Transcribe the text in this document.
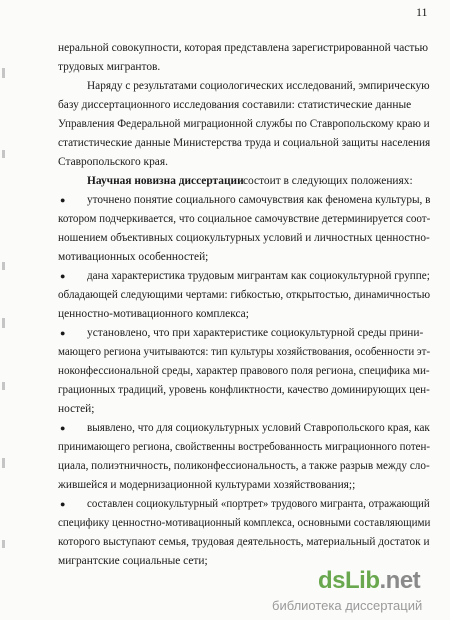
11
неральной совокупности, которая представлена зарегистрированной частью
трудовых мигрантов.
Наряду с результатами социологических исследований, эмпирическую
базу диссертационного исследования составили: статистические данные
Управления Федеральной миграционной службы по Ставропольскому краю и
статистические данные Министерства труда и социальной защиты населения
Ставропольского края.
Научная новизна диссертации состоит в следующих положениях:
● уточнено понятие социального самочувствия как феномена культуры, в
котором подчеркивается, что социальное самочувствие детерминируется соот-
ношением объективных социокультурных условий и личностных ценностно-
мотивационных особенностей;
● дана характеристика трудовым мигрантам как социокультурной группе;
обладающей следующими чертами: гибкостью, открытостью, динамичностью
ценностно-мотивационного комплекса;
● установлено, что при характеристике социокультурной среды прини-
мающего региона учитываются: тип культуры хозяйствования, особенности эт-
ноконфессиональной среды, характер правового поля региона, специфика ми-
грационных традиций, уровень конфликтности, качество доминирующих цен-
ностей;
● выявлено, что для социокультурных условий Ставропольского края, как
принимающего региона, свойственны востребованность миграционного потен-
циала, полиэтничность, поликонфессиональность, а также разрыв между сло-
жившейся и модернизационной культурами хозяйствования;;
● составлен социокультурный «портрет» трудового мигранта, отражающий
специфику ценностно-мотивационный комплекса, основными составляющими
которого выступают семья, трудовая деятельность, материальный достаток и
мигрантские социальные сети;
dsLib.net
библиотека диссертаций
